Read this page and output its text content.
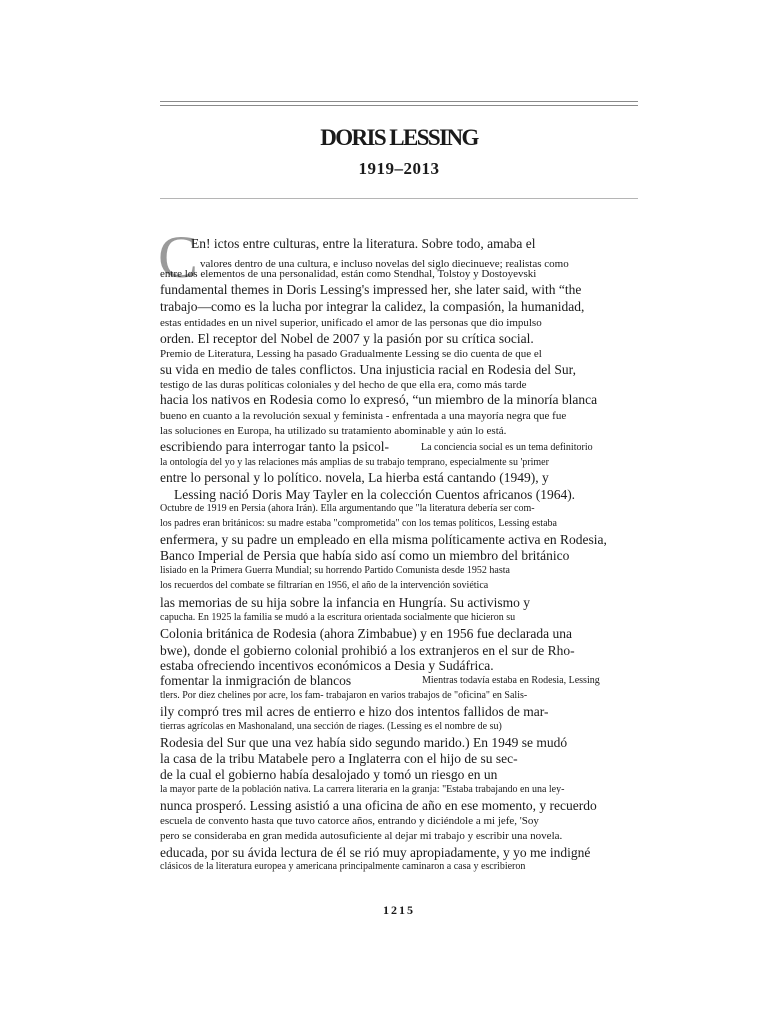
DORIS LESSING
1919–2013
C
En! ictos entre culturas, entre la literatura. Sobre todo, amaba el
valores dentro de una cultura, e incluso novelas del siglo diecinueve; realistas como
entre los elementos de una personalidad, están como Stendhal, Tolstoy y Dostoyevski
fundamental themes in Doris Lessing's impressed her, she later said, with “the
trabajo—como es la lucha por integrar la calidez, la compasión, la humanidad,
estas entidades en un nivel superior, unificado el amor de las personas que dio impulso
orden. El receptor del Nobel de 2007 y la pasión por su crítica social.
Premio de Literatura, Lessing ha pasado Gradualmente Lessing se dio cuenta de que el
su vida en medio de tales conflictos. Una injusticia racial en Rodesia del Sur,
testigo de las duras políticas coloniales y del hecho de que ella era, como más tarde
hacia los nativos en Rodesia como lo expresó, “un miembro de la minoría blanca
bueno en cuanto a la revolución sexual y feminista - enfrentada a una mayoría negra que fue
las soluciones en Europa, ha utilizado su tratamiento abominable y aún lo está.
escribiendo para interrogar tanto la psicol-	La conciencia social es un tema definitorio
la ontología del yo y las relaciones más amplias de su trabajo temprano, especialmente su 'primer
entre lo personal y lo político. novela, La hierba está cantando (1949), y
Lessing nació Doris May Tayler en la colección Cuentos africanos (1964).
Octubre de 1919 en Persia (ahora Irán). Ella argumentando que "la literatura debería ser com-
los padres eran británicos: su madre estaba "comprometida" con los temas políticos, Lessing estaba
enfermera, y su padre un empleado en ella misma políticamente activa en Rodesia,
Banco Imperial de Persia que había sido así como un miembro del británico
lisiado en la Primera Guerra Mundial; su horrendo Partido Comunista desde 1952 hasta
los recuerdos del combate se filtrarían en 1956, el año de la intervención soviética
las memorias de su hija sobre la infancia en Hungría. Su activismo y
capucha. En 1925 la familia se mudó a la escritura orientada socialmente que hicieron su
Colonia británica de Rodesia (ahora Zimbabue) y en 1956 fue declarada una
bwe), donde el gobierno colonial prohibió a los extranjeros en el sur de Rho-
estaba ofreciendo incentivos económicos a Desia y Sudáfrica.
fomentar la inmigración de blancos	Mientras todavía estaba en Rodesia, Lessing
tlers. Por diez chelines por acre, los fam- trabajaron en varios trabajos de "oficina" en Salis-
ily compró tres mil acres de entierro e hizo dos intentos fallidos de mar-
tierras agrícolas en Mashonaland, una sección de riages. (Lessing es el nombre de su)
Rodesia del Sur que una vez había sido segundo marido.) En 1949 se mudó
la casa de la tribu Matabele pero a Inglaterra con el hijo de su sec-
de la cual el gobierno había desalojado y tomó un riesgo en un
la mayor parte de la población nativa. La carrera literaria en la granja: "Estaba trabajando en una ley-
nunca prosperó. Lessing asistió a una oficina de año en ese momento, y recuerdo
escuela de convento hasta que tuvo catorce años, entrando y diciéndole a mi jefe, 'Soy
pero se consideraba en gran medida autosuficiente al dejar mi trabajo y escribir una novela.
educada, por su ávida lectura de él se rió muy apropiadamente, y yo me indigné
clásicos de la literatura europea y americana principalmente caminaron a casa y escribieron
1215
